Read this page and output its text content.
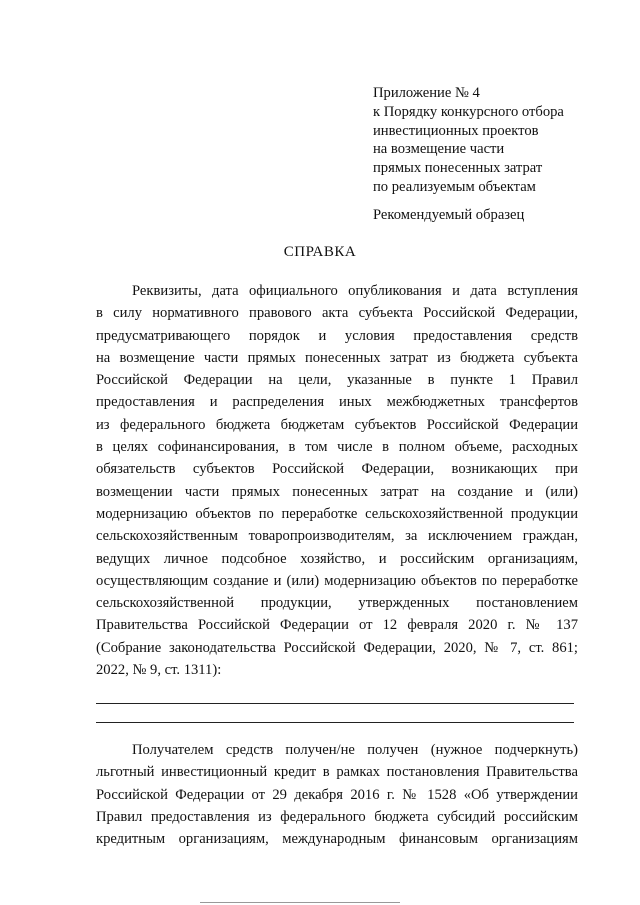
Приложение № 4
к Порядку конкурсного отбора
инвестиционных проектов
на возмещение части
прямых понесенных затрат
по реализуемым объектам
Рекомендуемый образец
СПРАВКА
Реквизиты, дата официального опубликования и дата вступления
в силу нормативного правового акта субъекта Российской Федерации,
предусматривающего порядок и условия предоставления средств
на возмещение части прямых понесенных затрат из бюджета субъекта
Российской Федерации на цели, указанные в пункте 1 Правил
предоставления и распределения иных межбюджетных трансфертов
из федерального бюджета бюджетам субъектов Российской Федерации
в целях софинансирования, в том числе в полном объеме, расходных
обязательств субъектов Российской Федерации, возникающих при
возмещении части прямых понесенных затрат на создание и (или)
модернизацию объектов по переработке сельскохозяйственной продукции
сельскохозяйственным товаропроизводителям, за исключением граждан,
ведущих личное подсобное хозяйство, и российским организациям,
осуществляющим создание и (или) модернизацию объектов по переработке
сельскохозяйственной продукции, утвержденных постановлением
Правительства Российской Федерации от 12 февраля 2020 г. № 137
(Собрание законодательства Российской Федерации, 2020, № 7, ст. 861;
2022, № 9, ст. 1311):
Получателем средств получен/не получен (нужное подчеркнуть)
льготный инвестиционный кредит в рамках постановления Правительства
Российской Федерации от 29 декабря 2016 г. № 1528 «Об утверждении
Правил предоставления из федерального бюджета субсидий российским
кредитным организациям, международным финансовым организациям
